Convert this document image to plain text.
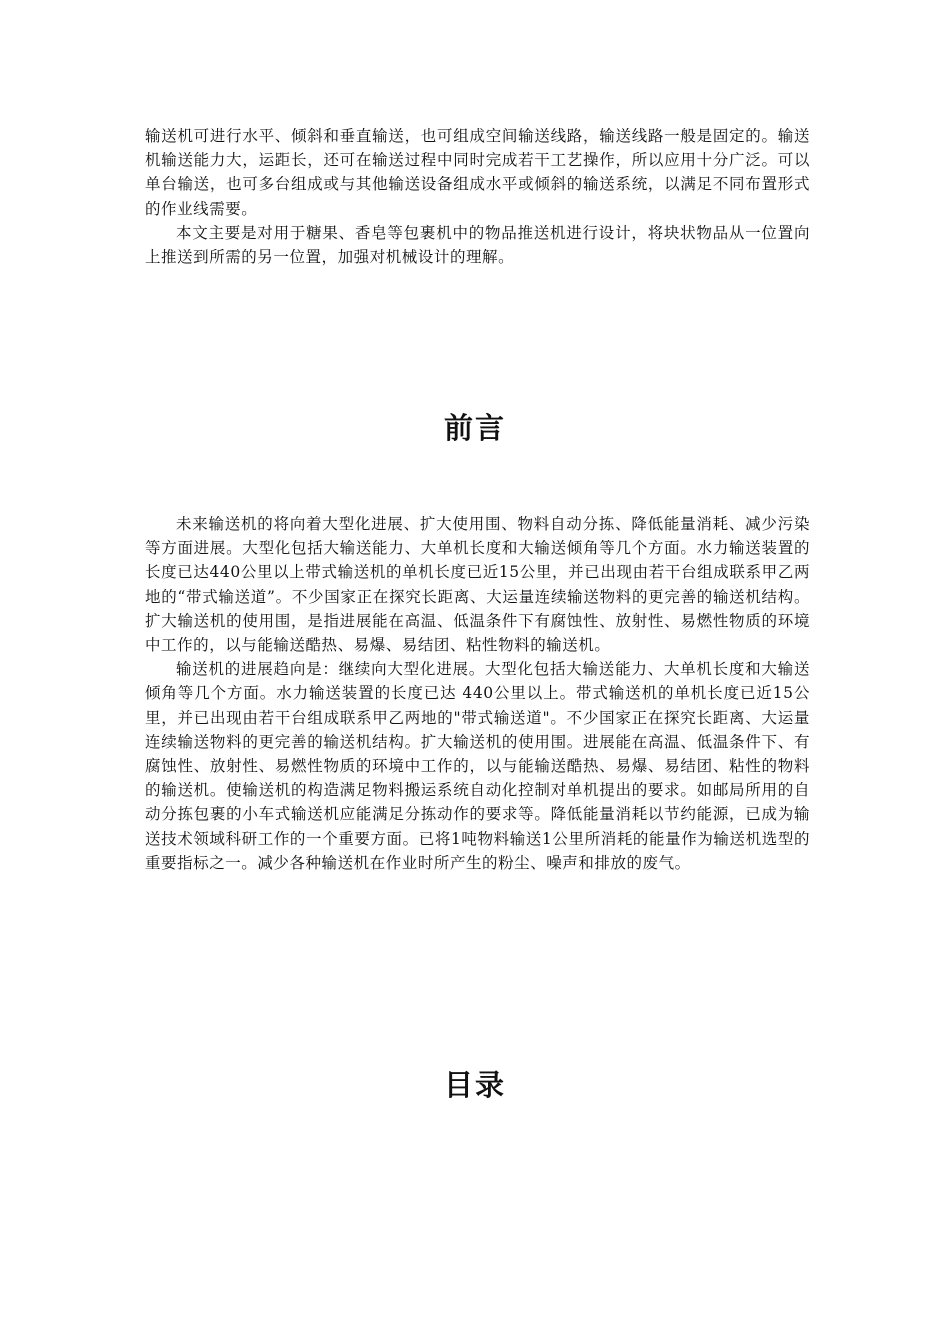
输送机可进行水平、倾斜和垂直输送，也可组成空间输送线路，输送线路一般是固定的。输送机输送能力大，运距长，还可在输送过程中同时完成若干工艺操作，所以应用十分广泛。可以单台输送，也可多台组成或与其他输送设备组成水平或倾斜的输送系统，以满足不同布置形式的作业线需要。

本文主要是对用于糖果、香皂等包裹机中的物品推送机进行设计，将块状物品从一位置向上推送到所需的另一位置，加强对机械设计的理解。

前言

未来输送机的将向着大型化进展、扩大使用围、物料自动分拣、降低能量消耗、减少污染等方面进展。大型化包括大输送能力、大单机长度和大输送倾角等几个方面。水力输送装置的长度已达440公里以上带式输送机的单机长度已近15公里，并已出现由若干台组成联系甲乙两地的“带式输送道”。不少国家正在探究长距离、大运量连续输送物料的更完善的输送机结构。扩大输送机的使用围，是指进展能在高温、低温条件下有腐蚀性、放射性、易燃性物质的环境中工作的，以与能输送酷热、易爆、易结团、粘性物料的输送机。

输送机的进展趋向是：继续向大型化进展。大型化包括大输送能力、大单机长度和大输送倾角等几个方面。水力输送装置的长度已达 440公里以上。带式输送机的单机长度已近15公里，并已出现由若干台组成联系甲乙两地的"带式输送道"。不少国家正在探究长距离、大运量连续输送物料的更完善的输送机结构。扩大输送机的使用围。进展能在高温、低温条件下、有腐蚀性、放射性、易燃性物质的环境中工作的，以与能输送酷热、易爆、易结团、粘性的物料的输送机。使输送机的构造满足物料搬运系统自动化控制对单机提出的要求。如邮局所用的自动分拣包裹的小车式输送机应能满足分拣动作的要求等。降低能量消耗以节约能源，已成为输送技术领域科研工作的一个重要方面。已将1吨物料输送1公里所消耗的能量作为输送机选型的重要指标之一。减少各种输送机在作业时所产生的粉尘、噪声和排放的废气。

目录
